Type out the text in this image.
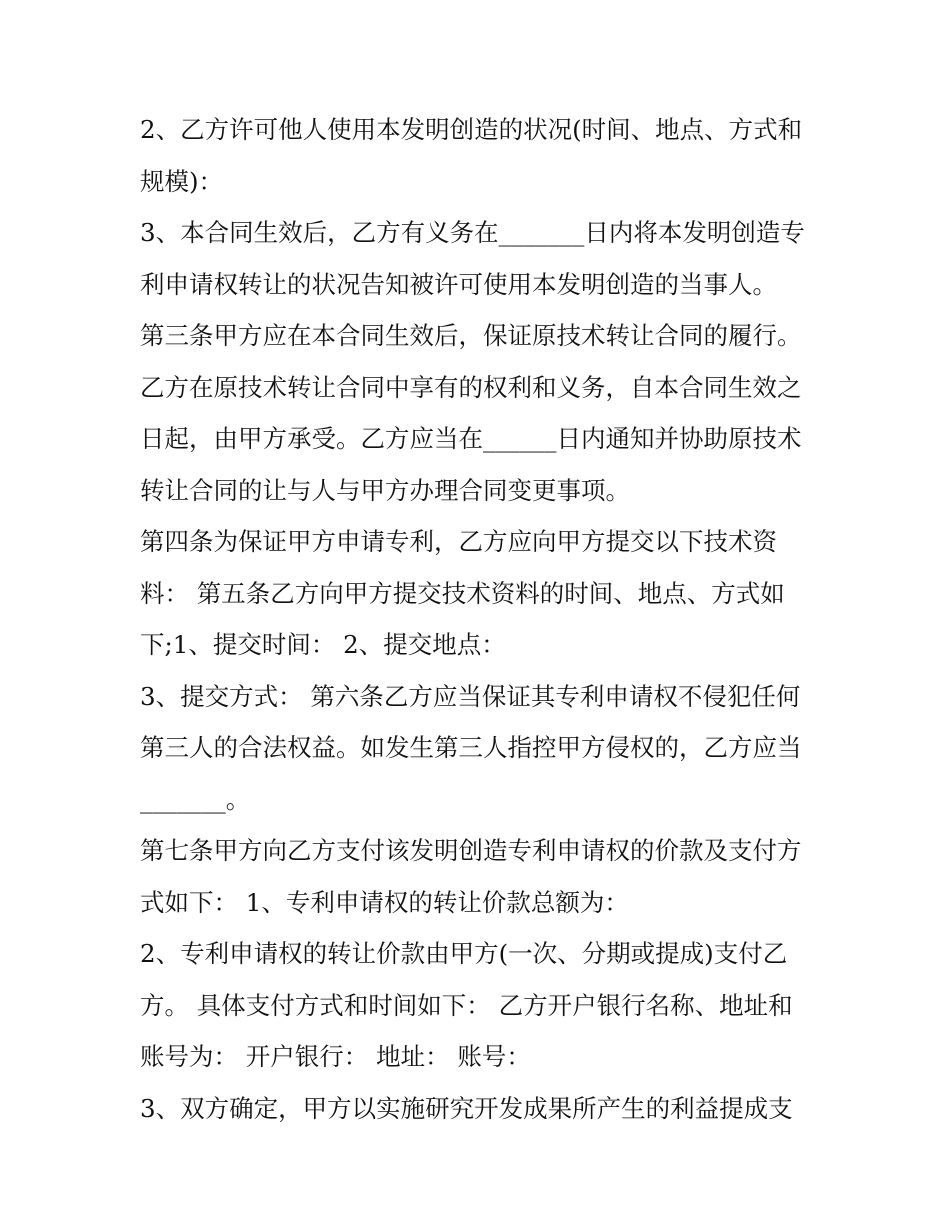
2、乙方许可他人使用本发明创造的状况(时间、地点、方式和
规模)：
3、本合同生效后，乙方有义务在_______日内将本发明创造专
利申请权转让的状况告知被许可使用本发明创造的当事人。
第三条甲方应在本合同生效后，保证原技术转让合同的履行。
乙方在原技术转让合同中享有的权利和义务，自本合同生效之
日起，由甲方承受。乙方应当在______日内通知并协助原技术
转让合同的让与人与甲方办理合同变更事项。
第四条为保证甲方申请专利，乙方应向甲方提交以下技术资
料： 第五条乙方向甲方提交技术资料的时间、地点、方式如
下;1、提交时间： 2、提交地点：
3、提交方式： 第六条乙方应当保证其专利申请权不侵犯任何
第三人的合法权益。如发生第三人指控甲方侵权的，乙方应当
_______。
第七条甲方向乙方支付该发明创造专利申请权的价款及支付方
式如下： 1、专利申请权的转让价款总额为：
2、专利申请权的转让价款由甲方(一次、分期或提成)支付乙
方。 具体支付方式和时间如下： 乙方开户银行名称、地址和
账号为： 开户银行： 地址： 账号：
3、双方确定，甲方以实施研究开发成果所产生的利益提成支
